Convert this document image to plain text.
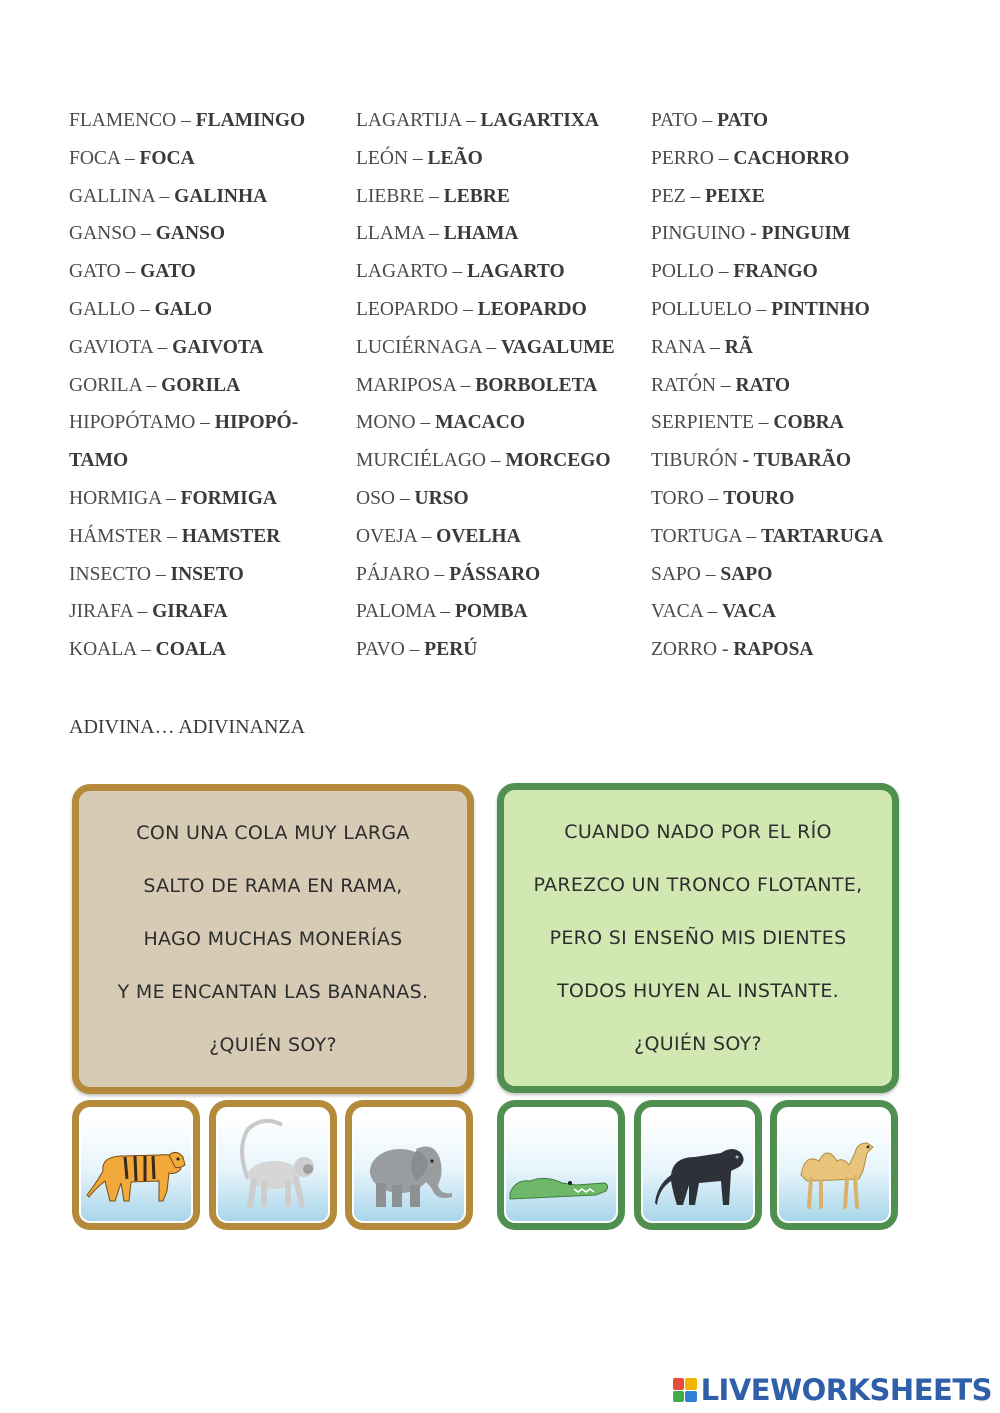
FLAMENCO – FLAMINGO
FOCA – FOCA
GALLINA – GALINHA
GANSO – GANSO
GATO – GATO
GALLO – GALO
GAVIOTA – GAIVOTA
GORILA – GORILA
HIPOPÓTAMO – HIPOPÓ-
TAMO
HORMIGA – FORMIGA
HÁMSTER – HAMSTER
INSECTO – INSETO
JIRAFA – GIRAFA
KOALA – COALA
LAGARTIJA – LAGARTIXA
LEÓN – LEÃO
LIEBRE – LEBRE
LLAMA – LHAMA
LAGARTO – LAGARTO
LEOPARDO – LEOPARDO
LUCIÉRNAGA – VAGALUME
MARIPOSA – BORBOLETA
MONO – MACACO
MURCIÉLAGO – MORCEGO
OSO – URSO
OVEJA – OVELHA
PÁJARO – PÁSSARO
PALOMA – POMBA
PAVO – PERÚ
PATO – PATO
PERRO – CACHORRO
PEZ – PEIXE
PINGUINO - PINGUIM
POLLO – FRANGO
POLLUELO – PINTINHO
RANA – RÃ
RATÓN – RATO
SERPIENTE – COBRA
TIBURÓN - TUBARÃO
TORO – TOURO
TORTUGA – TARTARUGA
SAPO – SAPO
VACA – VACA
ZORRO - RAPOSA
ADIVINA… ADIVINANZA
CON UNA COLA MUY LARGA
SALTO DE RAMA EN RAMA,
HAGO MUCHAS MONERÍAS
Y ME ENCANTAN LAS BANANAS.
¿QUIÉN SOY?
CUANDO NADO POR EL RÍO
PAREZCO UN TRONCO FLOTANTE,
PERO SI ENSEÑO MIS DIENTES
TODOS HUYEN AL INSTANTE.
¿QUIÉN SOY?
LIVEWORKSHEETS
